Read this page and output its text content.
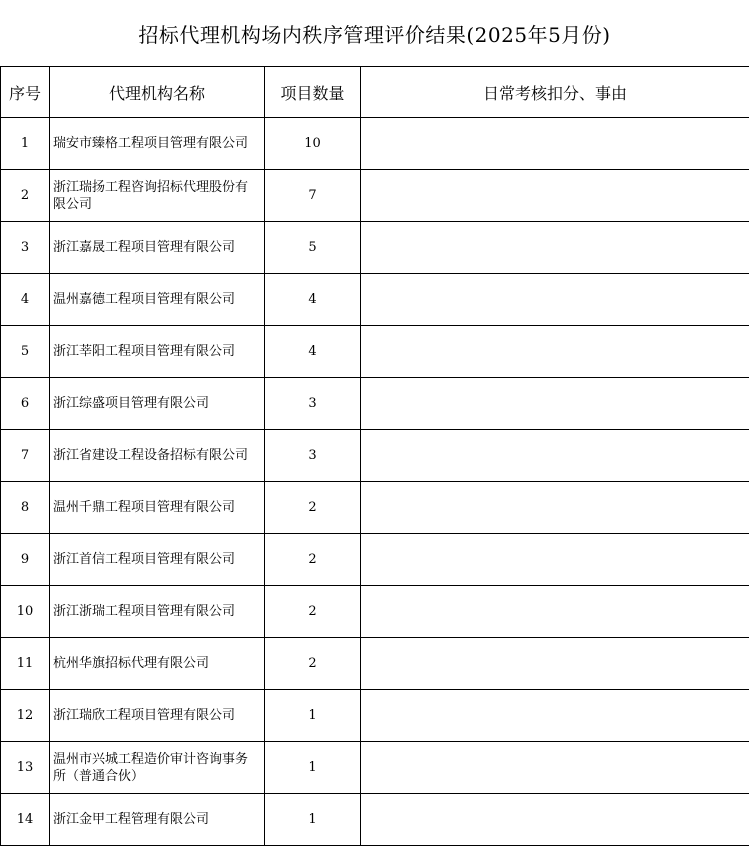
招标代理机构场内秩序管理评价结果(2025年5月份)
序号	代理机构名称	项目数量	日常考核扣分、事由
1	瑞安市臻格工程项目管理有限公司	10	
2	浙江瑞扬工程咨询招标代理股份有限公司	7	
3	浙江嘉晟工程项目管理有限公司	5	
4	温州嘉德工程项目管理有限公司	4	
5	浙江莘阳工程项目管理有限公司	4	
6	浙江综盛项目管理有限公司	3	
7	浙江省建设工程设备招标有限公司	3	
8	温州千鼎工程项目管理有限公司	2	
9	浙江首信工程项目管理有限公司	2	
10	浙江浙瑞工程项目管理有限公司	2	
11	杭州华旗招标代理有限公司	2	
12	浙江瑞欣工程项目管理有限公司	1	
13	温州市兴城工程造价审计咨询事务所（普通合伙）	1	
14	浙江金甲工程管理有限公司	1	
